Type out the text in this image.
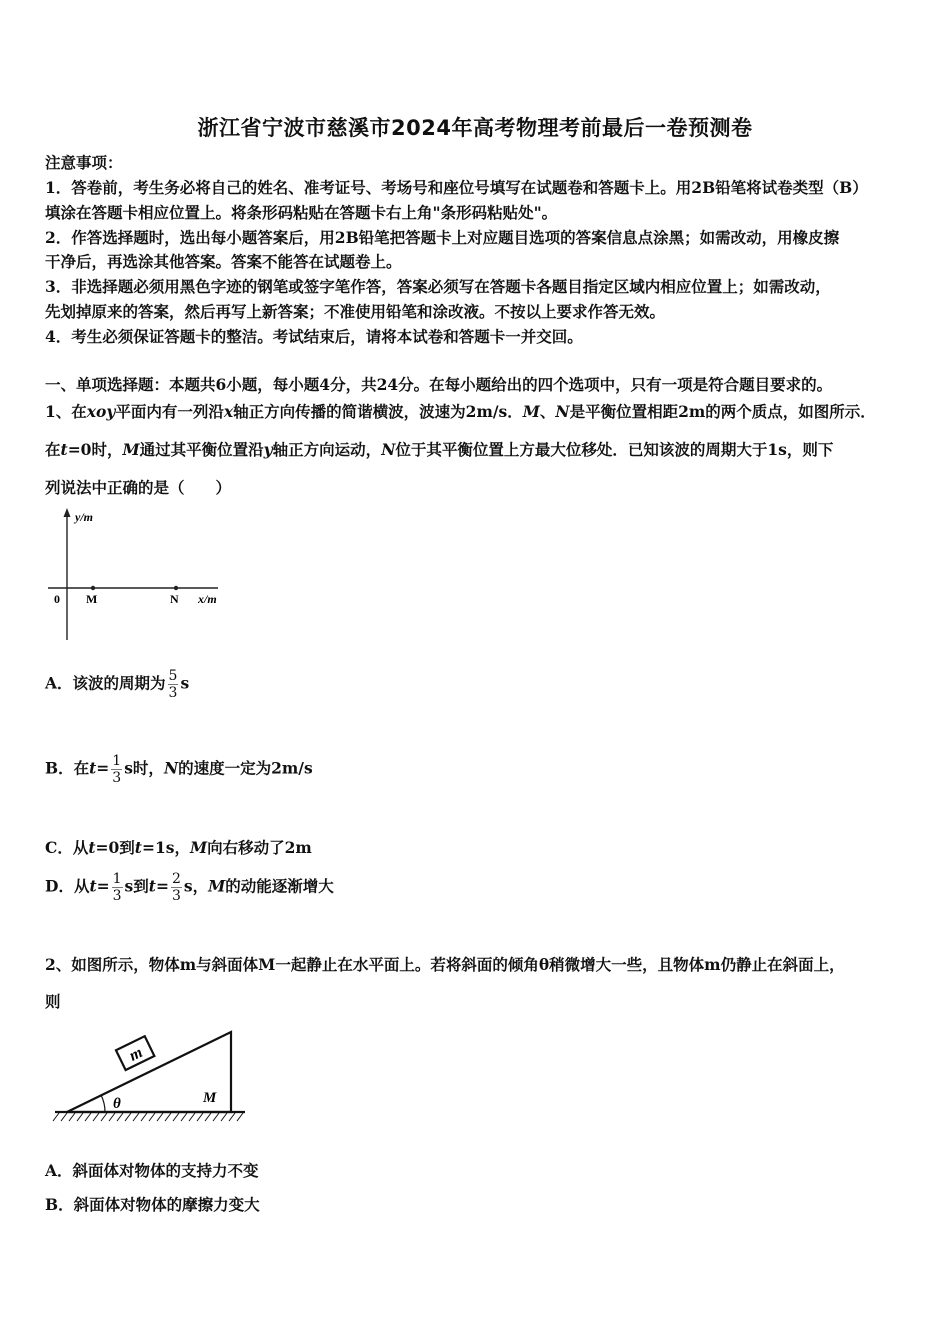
浙江省宁波市慈溪市2024年高考物理考前最后一卷预测卷
注意事项：
1．答卷前，考生务必将自己的姓名、准考证号、考场号和座位号填写在试题卷和答题卡上。用2B铅笔将试卷类型（B）
填涂在答题卡相应位置上。将条形码粘贴在答题卡右上角"条形码粘贴处"。
2．作答选择题时，选出每小题答案后，用2B铅笔把答题卡上对应题目选项的答案信息点涂黑；如需改动，用橡皮擦
干净后，再选涂其他答案。答案不能答在试题卷上。
3．非选择题必须用黑色字迹的钢笔或签字笔作答，答案必须写在答题卡各题目指定区域内相应位置上；如需改动，
先划掉原来的答案，然后再写上新答案；不准使用铅笔和涂改液。不按以上要求作答无效。
4．考生必须保证答题卡的整洁。考试结束后，请将本试卷和答题卡一并交回。
一、单项选择题：本题共6小题，每小题4分，共24分。在每小题给出的四个选项中，只有一项是符合题目要求的。
1、在xoy平面内有一列沿x轴正方向传播的简谐横波，波速为2m/s．M、N是平衡位置相距2m的两个质点，如图所示．
在t=0时，M通过其平衡位置沿y轴正方向运动，N位于其平衡位置上方最大位移处．已知该波的周期大于1s，则下
列说法中正确的是（　　）
y/m
0 M	N x/m
A．该波的周期为 $\frac{5}{3}$ s
B．在$t= \frac{1}{3}$ s时，N的速度一定为2m/s
C．从t=0到t=1s，M向右移动了2m
D．从$t= \frac{1}{3}$ s到$t= \frac{2}{3}$ s，M的动能逐渐增大
2、如图所示，物体m与斜面体M一起静止在水平面上。若将斜面的倾角θ稍微增大一些，且物体m仍静止在斜面上，
则
m
θ	M
A．斜面体对物体的支持力不变
B．斜面体对物体的摩擦力变大
